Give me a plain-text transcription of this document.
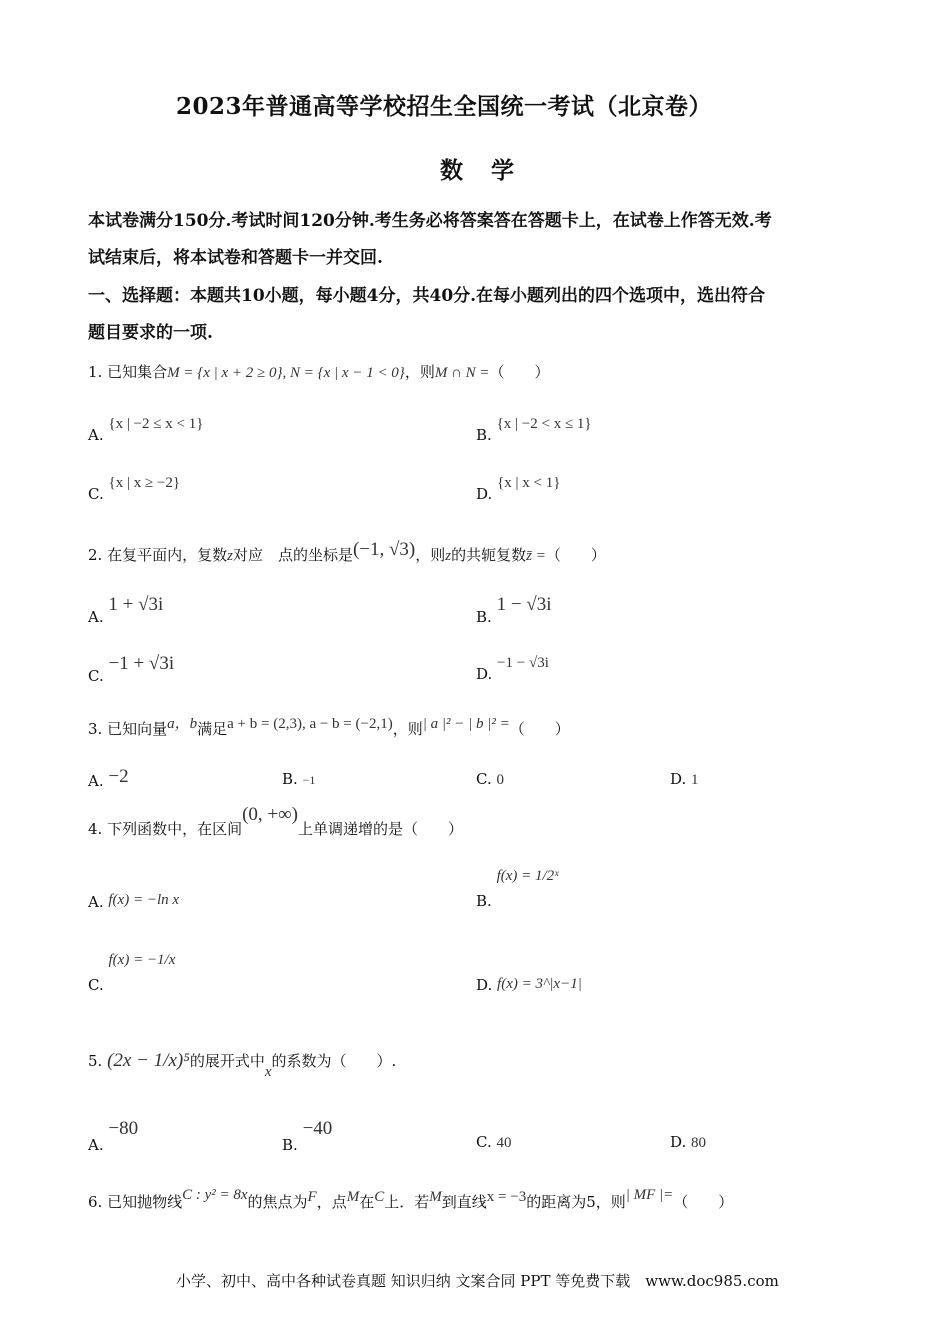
2023年普通高等学校招生全国统一考试（北京卷）
数学
本试卷满分150分.考试时间120分钟.考生务必将答案答在答题卡上，在试卷上作答无效.考
试结束后，将本试卷和答题卡一并交回.
一、选择题：本题共10小题，每小题4分，共40分.在每小题列出的四个选项中，选出符合
题目要求的一项.
1. 已知集合M = {x | x + 2 ≥ 0}, N = {x | x − 1 < 0}，则M ∩ N =（　　）
A. {x | −2 ≤ x < 1}
B. {x | −2 < x ≤ 1}
C. {x | x ≥ −2}
D. {x | x < 1}
2. 在复平面内，复数z对应　点的坐标是(−1, √3)，则z的共轭复数z̄ =（　　）
A. 1 + √3i
B. 1 − √3i
C. −1 + √3i	D. −1 − √3i
3. 已知向量a，b满足a + b = (2,3), a − b = (−2,1)，则| a |² − | b |² =（　　）
A. −2	B. −1	C. 0	D. 1
4. 下列函数中，在区间(0, +∞)上单调递增的是（　　）
A. f(x) = −ln x	B. f(x) = 1/2ˣ
C. f(x) = −1/x
D. f(x) = 3^|x−1|
5. (2x − 1/x)⁵的展开式中x的系数为（　　）.
A. −80
B. −40
C. 40	D. 80
6. 已知抛物线C : y² = 8x的焦点为F，点M在C上．若M到直线x = −3的距离为5，则| MF |=（　　）
小学、初中、高中各种试卷真题 知识归纳 文案合同 PPT 等免费下载　www.doc985.com
